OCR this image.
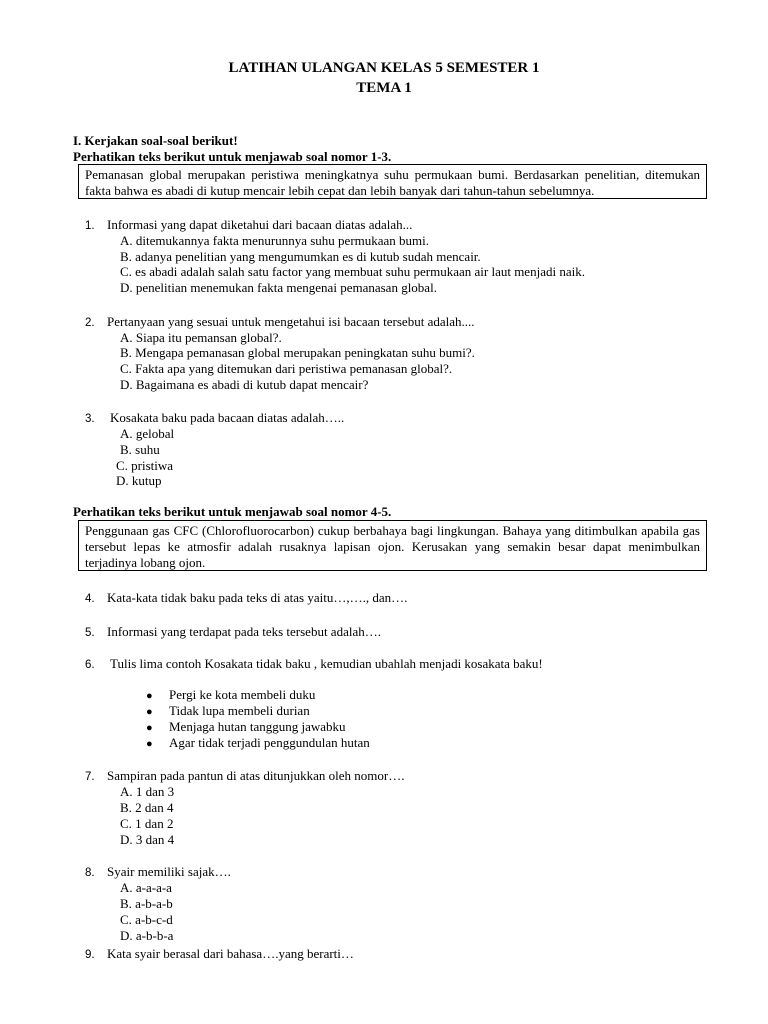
LATIHAN ULANGAN KELAS 5 SEMESTER 1
TEMA 1
I. Kerjakan soal-soal berikut!
Perhatikan teks berikut untuk menjawab soal nomor 1-3.
Pemanasan global merupakan peristiwa meningkatnya suhu permukaan bumi. Berdasarkan penelitian, ditemukan fakta bahwa es abadi di kutup mencair lebih cepat dan lebih banyak dari tahun-tahun sebelumnya.
1. Informasi yang dapat diketahui dari bacaan diatas adalah...
A. ditemukannya fakta menurunnya suhu permukaan bumi.
B. adanya penelitian yang mengumumkan es di kutub sudah mencair.
C. es abadi adalah salah satu factor yang membuat suhu permukaan air laut menjadi naik.
D. penelitian menemukan fakta mengenai pemanasan global.
2. Pertanyaan yang sesuai untuk mengetahui isi bacaan tersebut adalah....
A. Siapa itu pemansan global?.
B. Mengapa pemanasan global merupakan peningkatan suhu bumi?.
C. Fakta apa yang ditemukan dari peristiwa pemanasan global?.
D. Bagaimana es abadi di kutub dapat mencair?
3. Kosakata baku pada bacaan diatas adalah…..
A. gelobal
B. suhu
C. pristiwa
D. kutup
Perhatikan teks berikut untuk menjawab soal nomor 4-5.
Penggunaan gas CFC (Chlorofluorocarbon) cukup berbahaya bagi lingkungan. Bahaya yang ditimbulkan apabila gas tersebut lepas ke atmosfir adalah rusaknya lapisan ojon. Kerusakan yang semakin besar dapat menimbulkan terjadinya lobang ojon.
4. Kata-kata tidak baku pada teks di atas yaitu…,…., dan….
5. Informasi yang terdapat pada teks tersebut adalah….
6. Tulis lima contoh Kosakata tidak baku , kemudian ubahlah menjadi kosakata baku!
● Pergi ke kota membeli duku
● Tidak lupa membeli durian
● Menjaga hutan tanggung jawabku
● Agar tidak terjadi penggundulan hutan
7. Sampiran pada pantun di atas ditunjukkan oleh nomor….
A. 1 dan 3
B. 2 dan 4
C. 1 dan 2
D. 3 dan 4
8. Syair memiliki sajak….
A. a-a-a-a
B. a-b-a-b
C. a-b-c-d
D. a-b-b-a
9. Kata syair berasal dari bahasa….yang berarti…
